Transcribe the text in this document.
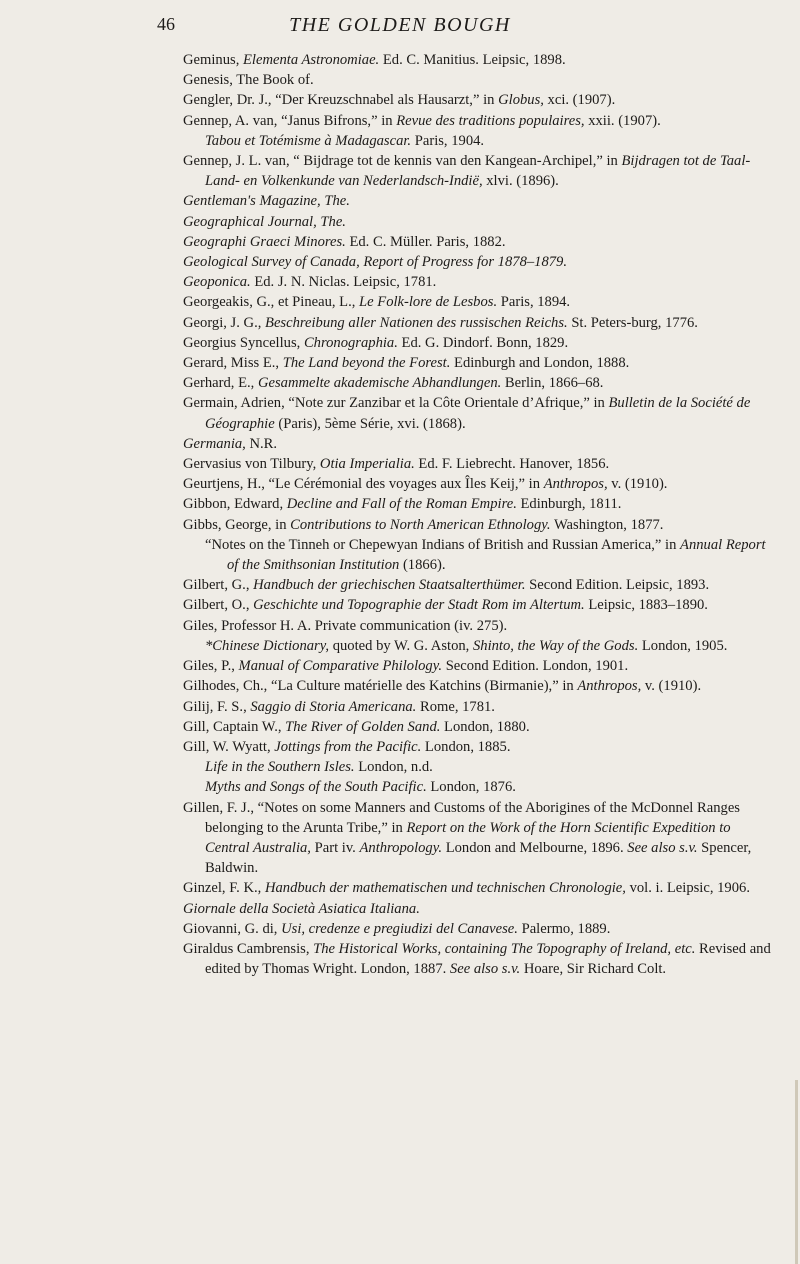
46	THE GOLDEN BOUGH

Geminus, Elementa Astronomiae. Ed. C. Manitius. Leipsic, 1898.

Genesis, The Book of.

Gengler, Dr. J., “Der Kreuzschnabel als Hausarzt,” in Globus, xci. (1907).

Gennep, A. van, “Janus Bifrons,” in Revue des traditions populaires, xxii. (1907).

Tabou et Totémisme à Madagascar. Paris, 1904.

Gennep, J. L. van, “ Bijdrage tot de kennis van den Kangean-Archipel,” in Bijdragen tot de Taal- Land- en Volkenkunde van Nederlandsch-Indië, xlvi. (1896).

Gentleman's Magazine, The.

Geographical Journal, The.

Geographi Graeci Minores. Ed. C. Müller. Paris, 1882.

Geological Survey of Canada, Report of Progress for 1878–1879.

Geoponica. Ed. J. N. Niclas. Leipsic, 1781.

Georgeakis, G., et Pineau, L., Le Folk-lore de Lesbos. Paris, 1894.

Georgi, J. G., Beschreibung aller Nationen des russischen Reichs. St. Peters-burg, 1776.

Georgius Syncellus, Chronographia. Ed. G. Dindorf. Bonn, 1829.

Gerard, Miss E., The Land beyond the Forest. Edinburgh and London, 1888.

Gerhard, E., Gesammelte akademische Abhandlungen. Berlin, 1866–68.

Germain, Adrien, “Note zur Zanzibar et la Côte Orientale d’Afrique,” in Bulletin de la Société de Géographie (Paris), 5ème Série, xvi. (1868).

Germania, N.R.

Gervasius von Tilbury, Otia Imperialia. Ed. F. Liebrecht. Hanover, 1856.

Geurtjens, H., “Le Cérémonial des voyages aux Îles Keij,” in Anthropos, v. (1910).

Gibbon, Edward, Decline and Fall of the Roman Empire. Edinburgh, 1811.

Gibbs, George, in Contributions to North American Ethnology. Washington, 1877.

“Notes on the Tinneh or Chepewyan Indians of British and Russian America,” in Annual Report of the Smithsonian Institution (1866).

Gilbert, G., Handbuch der griechischen Staatsalterthümer. Second Edition. Leipsic, 1893.

Gilbert, O., Geschichte und Topographie der Stadt Rom im Altertum. Leipsic, 1883–1890.

Giles, Professor H. A. Private communication (iv. 275).

*Chinese Dictionary, quoted by W. G. Aston, Shinto, the Way of the Gods. London, 1905.

Giles, P., Manual of Comparative Philology. Second Edition. London, 1901.

Gilhodes, Ch., “La Culture matérielle des Katchins (Birmanie),” in Anthropos, v. (1910).

Gilij, F. S., Saggio di Storia Americana. Rome, 1781.

Gill, Captain W., The River of Golden Sand. London, 1880.

Gill, W. Wyatt, Jottings from the Pacific. London, 1885.

Life in the Southern Isles. London, n.d.

Myths and Songs of the South Pacific. London, 1876.

Gillen, F. J., “Notes on some Manners and Customs of the Aborigines of the McDonnel Ranges belonging to the Arunta Tribe,” in Report on the Work of the Horn Scientific Expedition to Central Australia, Part iv. Anthropology. London and Melbourne, 1896. See also s.v. Spencer, Baldwin.

Ginzel, F. K., Handbuch der mathematischen und technischen Chronologie, vol. i. Leipsic, 1906.

Giornale della Società Asiatica Italiana.

Giovanni, G. di, Usi, credenze e pregiudizi del Canavese. Palermo, 1889.

Giraldus Cambrensis, The Historical Works, containing The Topography of Ireland, etc. Revised and edited by Thomas Wright. London, 1887. See also s.v. Hoare, Sir Richard Colt.
